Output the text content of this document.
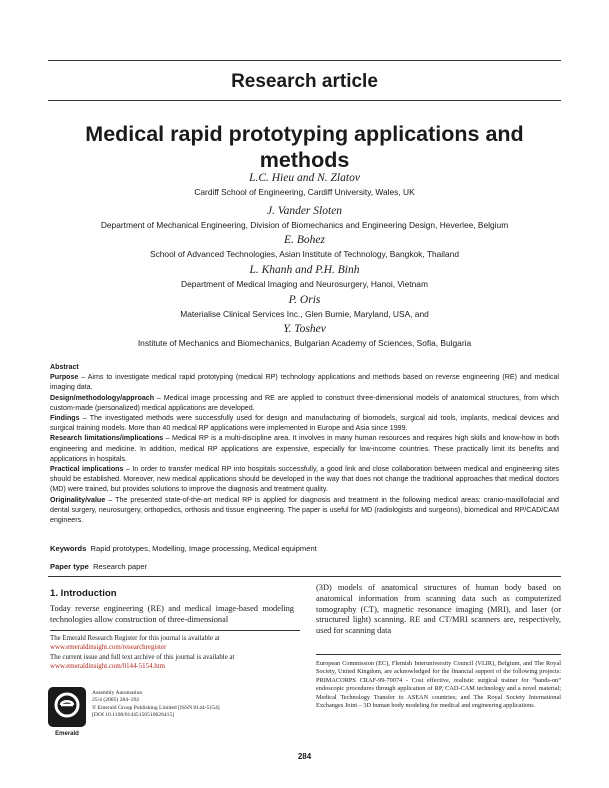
Research article
Medical rapid prototyping applications and methods
L.C. Hieu and N. Zlatov
Cardiff School of Engineering, Cardiff University, Wales, UK
J. Vander Sloten
Department of Mechanical Engineering, Division of Biomechanics and Engineering Design, Heverlee, Belgium
E. Bohez
School of Advanced Technologies, Asian Institute of Technology, Bangkok, Thailand
L. Khanh and P.H. Binh
Department of Medical Imaging and Neurosurgery, Hanoi, Vietnam
P. Oris
Materialise Clinical Services Inc., Glen Burnie, Maryland, USA, and
Y. Toshev
Institute of Mechanics and Biomechanics, Bulgarian Academy of Sciences, Sofia, Bulgaria

Abstract

Purpose – Aims to investigate medical rapid prototyping (medical RP) technology applications and methods based on reverse engineering (RE) and medical imaging data.

Design/methodology/approach – Medical image processing and RE are applied to construct three-dimensional models of anatomical structures, from which custom-made (personalized) medical applications are developed.

Findings – The investigated methods were successfully used for design and manufacturing of biomodels, surgical aid tools, implants, medical devices and surgical training models. More than 40 medical RP applications were implemented in Europe and Asia since 1999.

Research limitations/implications – Medical RP is a multi-discipline area. It involves in many human resources and requires high skills and know-how in both engineering and medicine. In addition, medical RP applications are expensive, especially for low-income countries. These practically limit its benefits and applications in hospitals.

Practical implications – In order to transfer medical RP into hospitals successfully, a good link and close collaboration between medical and engineering sites should be established. Moreover, new medical applications should be developed in the way that does not change the traditional approaches that medical doctors (MD) were trained, but provides solutions to improve the diagnosis and treatment quality.

Originality/value – The presented state-of-the-art medical RP is applied for diagnosis and treatment in the following medical areas: cranio-maxillofacial and dental surgery, neurosurgery, orthopedics, orthosis and tissue engineering. The paper is useful for MD (radiologists and surgeons), biomedical and RP/CAD/CAM engineers.

Keywords Rapid prototypes, Modelling, Image processing, Medical equipment
Paper type Research paper
1. Introduction
Today reverse engineering (RE) and medical image-based modeling technologies allow construction of three-dimensional
(3D) models of anatomical structures of human body based on anatomical information from scanning data such as computerized tomography (CT), magnetic resonance imaging (MRI), and laser (or structured light) scanning. RE and CT/MRI scanners are, respectively, used for scanning data
The Emerald Research Register for this journal is available at
www.emeraldinsight.com/researchregister
The current issue and full text archive of this journal is available at
www.emeraldinsight.com/0144-5154.htm
Emerald
Assembly Automation
25/4 (2005) 284–292
© Emerald Group Publishing Limited [ISSN 0144-5154]
[DOI 10.1108/01445150510626415]
European Commission (EC), Flemish Interuniversity Council (VLIR), Belgium, and The Royal Society, United Kingdom, are acknowledged for the financial support of the following projects: PRIMACORPS CRAF-99-70074 - Cost effective, realistic surgical trainer for “hands-on” endoscopic procedures through application of RP, CAD-CAM technology and a novel material; Medical Technology Transfer to ASEAN countries; and The Royal Society International Exchanges Joint – 3D human body modeling for medical and engineering applications.
284
